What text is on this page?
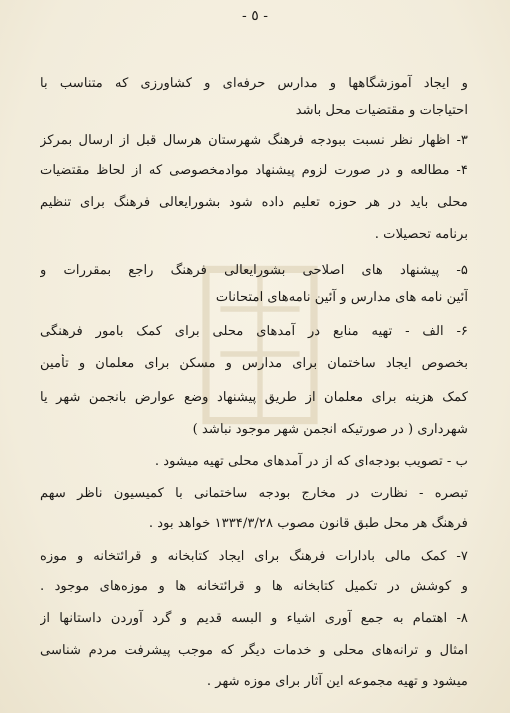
- ٥ -
و ایجاد آموزشگاهها و مدارس حرفه‌ای و کشاورزی که متناسب با
احتیاجات و مقتضیات محل باشد
۳- اظهار نظر نسبت ببودجه فرهنگ شهرستان هرسال قبل از ارسال بمرکز
۴- مطالعه و در صورت لزوم پیشنهاد موادمخصوصی که از لحاظ مقتضیات
محلی باید در هر حوزه تعلیم داده شود بشورایعالی فرهنگ برای تنظیم
برنامه تحصیلات .
۵- پیشنهاد های اصلاحی بشورایعالی فرهنگ راجع بمقررات و
آئین نامه های مدارس و آئین نامه‌های امتحانات
۶- الف - تهیه منابع در آمدهای محلی برای کمک بامور فرهنگی
بخصوص ایجاد ساختمان برای مدارس و مسکن برای معلمان و تأمین
کمک هزینه برای معلمان از طریق پیشنهاد وضع عوارض بانجمن شهر یا
شهرداری ( در صورتیکه انجمن شهر موجود نباشد )
ب - تصویب بودجه‌ای که از در آمدهای محلی تهیه میشود .
تبصره - نظارت در مخارج بودجه ساختمانی با کمیسیون ناظر سهم
فرهنگ هر محل طبق قانون مصوب ۱۳۳۴/۳/۲۸ خواهد بود .
۷- کمک مالی بادارات فرهنگ برای ایجاد کتابخانه و قرائتخانه و موزه
و کوشش در تکمیل کتابخانه ها و قرائتخانه ها و موزه‌های موجود .
۸- اهتمام به جمع آوری اشیاء و البسه قدیم و گرد آوردن داستانها از
امثال و ترانه‌های محلی و خدمات دیگر که موجب پیشرفت مردم شناسی
میشود و تهیه مجموعه این آثار برای موزه شهر .
